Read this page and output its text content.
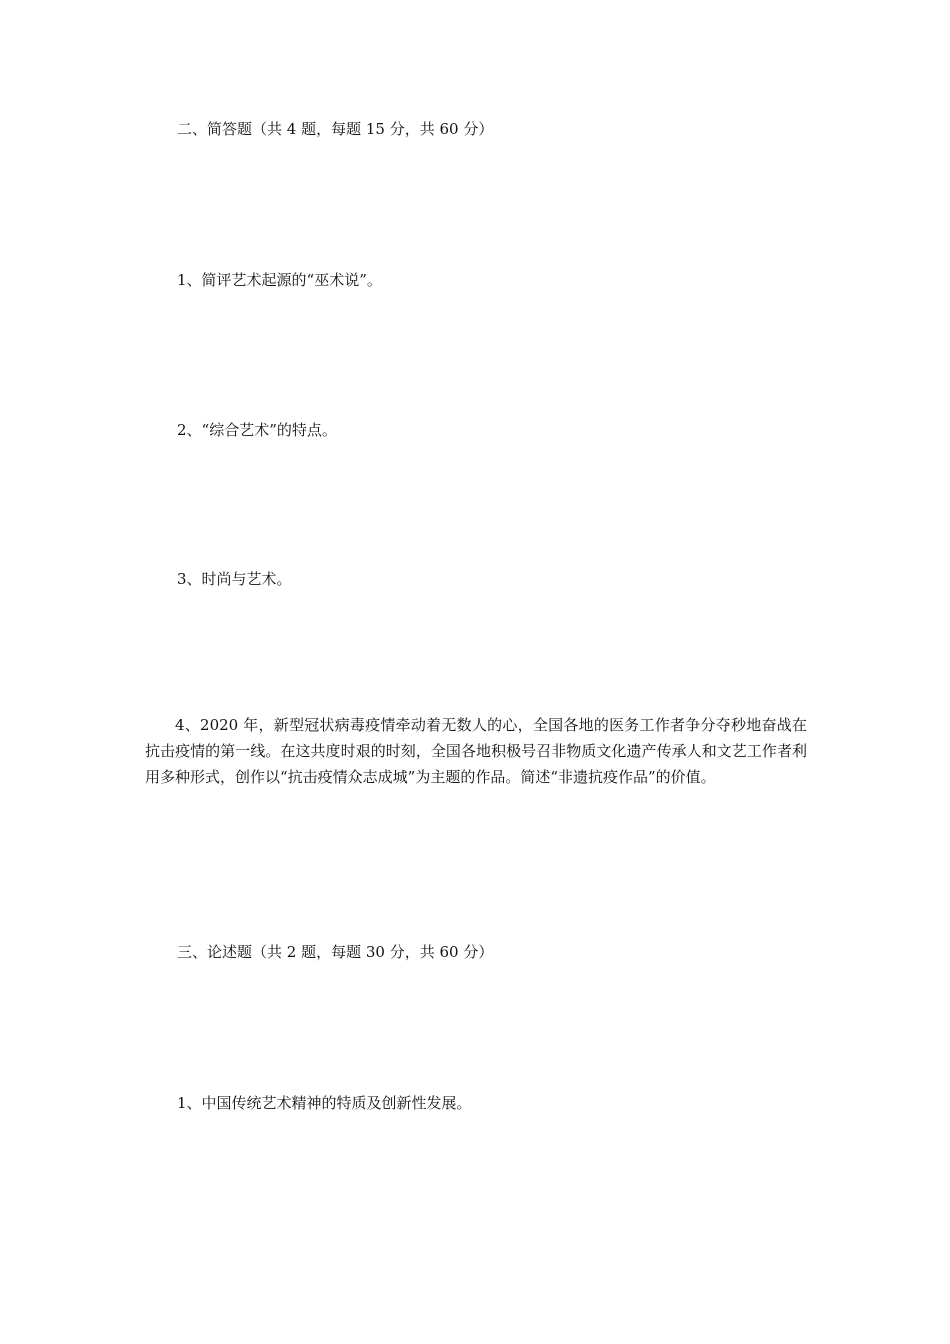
二、简答题（共 4 题，每题 15 分，共 60 分）
1、简评艺术起源的“巫术说”。
2、“综合艺术”的特点。
3、时尚与艺术。
4、2020 年，新型冠状病毒疫情牵动着无数人的心，全国各地的医务工作者争分夺秒地奋战在抗击疫情的第一线。在这共度时艰的时刻，全国各地积极号召非物质文化遗产传承人和文艺工作者利用多种形式，创作以“抗击疫情众志成城”为主题的作品。简述“非遗抗疫作品”的价值。
三、论述题（共 2 题，每题 30 分，共 60 分）
1、中国传统艺术精神的特质及创新性发展。
